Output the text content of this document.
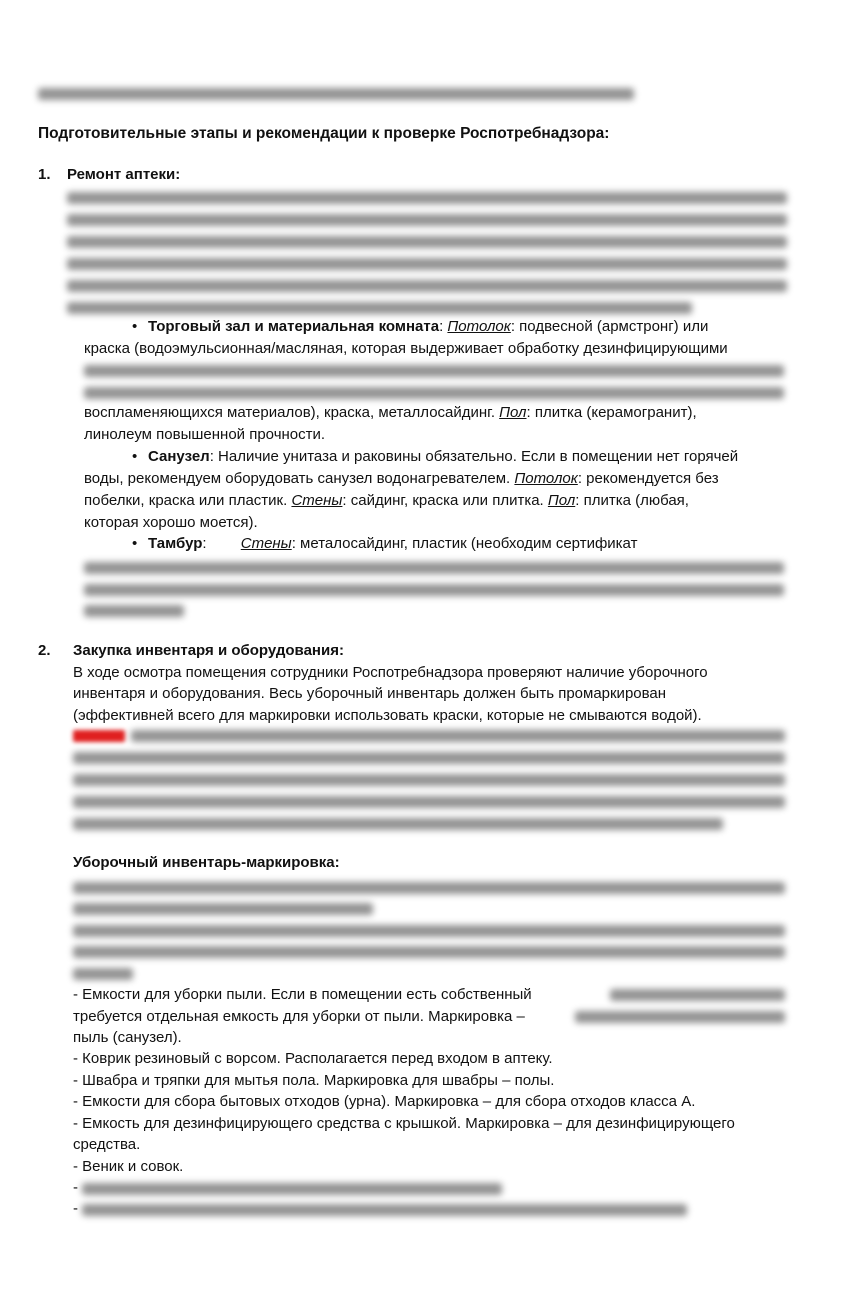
Подготовительные этапы и рекомендации к проверке Роспотребнадзора:
1. Ремонт аптеки:
• Торговый зал и материальная комната: Потолок: подвесной (армстронг) или
краска (водоэмульсионная/масляная, которая выдерживает обработку дезинфицирующими
воспламеняющихся материалов), краска, металлосайдинг. Пол: плитка (керамогранит),
линолеум повышенной прочности.
• Санузел: Наличие унитаза и раковины обязательно. Если в помещении нет горячей
воды, рекомендуем оборудовать санузел водонагревателем. Потолок: рекомендуется без
побелки, краска или пластик. Стены: сайдинг, краска или плитка. Пол: плитка (любая,
которая хорошо моется).
• Тамбур: Стены: металосайдинг, пластик (необходим сертификат
2. Закупка инвентаря и оборудования:
В ходе осмотра помещения сотрудники Роспотребнадзора проверяют наличие уборочного
инвентаря и оборудования. Весь уборочный инвентарь должен быть промаркирован
(эффективней всего для маркировки использовать краски, которые не смываются водой).
Уборочный инвентарь-маркировка:
- Емкости для уборки пыли. Если в помещении есть собственный
требуется отдельная емкость для уборки от пыли. Маркировка –
пыль (санузел).
- Коврик резиновый с ворсом. Располагается перед входом в аптеку.
- Швабра и тряпки для мытья пола. Маркировка для швабры – полы.
- Емкости для сбора бытовых отходов (урна). Маркировка – для сбора отходов класса А.
- Емкость для дезинфицирующего средства с крышкой. Маркировка – для дезинфицирующего
средства.
- Веник и совок.
-
-
